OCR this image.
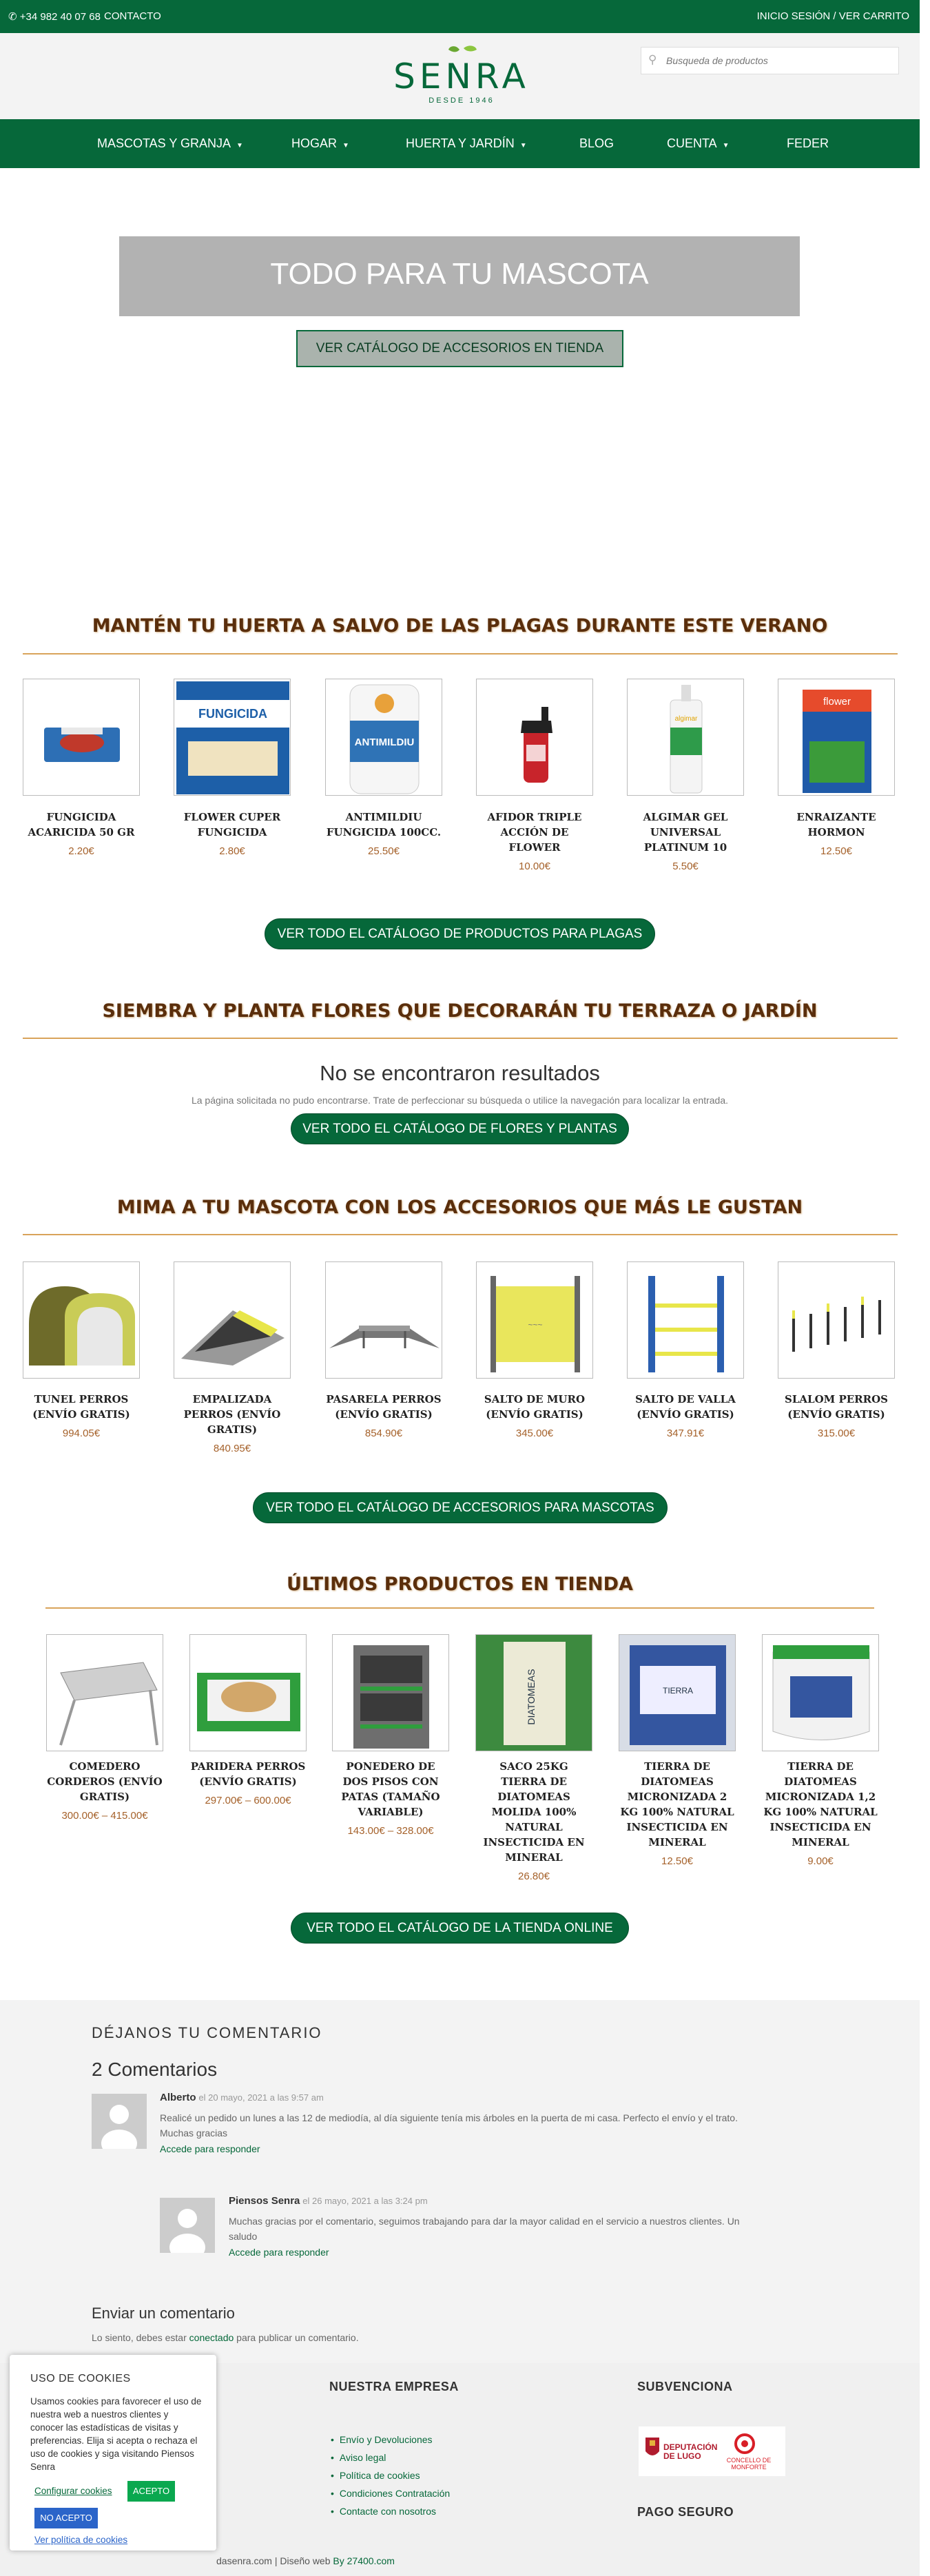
✆ +34 982 40 07 68 CONTACTO	INICIO SESIÓN / VER CARRITO
SENRA
DESDE 1946
⚲
Busqueda de productos
MASCOTAS Y GRANJA ▼	HOGAR ▼	HUERTA Y JARDÍN ▼	BLOG	CUENTA ▼	FEDER
TODO PARA TU MASCOTA
VER CATÁLOGO DE ACCESORIOS EN TIENDA
MANTÉN TU HUERTA A SALVO DE LAS PLAGAS DURANTE ESTE VERANO
VER TODO EL CATÁLOGO DE PRODUCTOS PARA PLAGAS
SIEMBRA Y PLANTA FLORES QUE DECORARÁN TU TERRAZA O JARDÍN
No se encontraron resultados
La página solicitada no pudo encontrarse. Trate de perfeccionar su búsqueda o utilice la navegación para localizar la entrada.
VER TODO EL CATÁLOGO DE FLORES Y PLANTAS
MIMA A TU MASCOTA CON LOS ACCESORIOS QUE MÁS LE GUSTAN
VER TODO EL CATÁLOGO DE ACCESORIOS PARA MASCOTAS
ÚLTIMOS PRODUCTOS EN TIENDA
VER TODO EL CATÁLOGO DE LA TIENDA ONLINE
DÉJANOS TU COMENTARIO
2 Comentarios
Alberto el 20 mayo, 2021 a las 9:57 am
Realicé un pedido un lunes a las 12 de mediodía, al día siguiente tenía mis árboles en la puerta de mi casa. Perfecto el envío y el trato. Muchas gracias
Accede para responder
Piensos Senra el 26 mayo, 2021 a las 3:24 pm
Muchas gracias por el comentario, seguimos trabajando para dar la mayor calidad en el servicio a nuestros clientes. Un saludo
Accede para responder
Enviar un comentario
Lo siento, debes estar conectado para publicar un comentario.
NUESTRA EMPRESA	SUBVENCIONA
DEPUTACIÓN DE LUGO	CONCELLO DE MONFORTE
PAGO SEGURO
dasenra.com | Diseño web By 27400.com
USO DE COOKIES
Usamos cookies para favorecer el uso de nuestra web a nuestros clientes y conocer las estadísticas de visitas y preferencias. Elija si acepta o rechaza el uso de cookies y siga visitando Piensos Senra
Configurar cookies	ACEPTO
NO ACEPTO
Ver política de cookies
FUNGICIDA ACARICIDA 50 GR
2.20€
FUNGICIDA
FLOWER CUPER FUNGICIDA
2.80€
ANTIMILDIU
ANTIMILDIU FUNGICIDA 100CC.
25.50€
AFIDOR TRIPLE ACCIÓN DE FLOWER
10.00€
algimar
ALGIMAR GEL UNIVERSAL PLATINUM 10
5.50€
flower
ENRAIZANTE HORMON
12.50€
TUNEL PERROS (ENVÍO GRATIS)
994.05€
EMPALIZADA PERROS (ENVÍO GRATIS)
840.95€
PASARELA PERROS (ENVÍO GRATIS)
854.90€
~~~
SALTO DE MURO (ENVÍO GRATIS)
345.00€
SALTO DE VALLA (ENVÍO GRATIS)
347.91€
SLALOM PERROS (ENVÍO GRATIS)
315.00€
COMEDERO CORDEROS (ENVÍO GRATIS)
300.00€ – 415.00€
PARIDERA PERROS (ENVÍO GRATIS)
297.00€ – 600.00€
PONEDERO DE DOS PISOS CON PATAS (TAMAÑO VARIABLE)
143.00€ – 328.00€
DIATOMEAS
SACO 25KG TIERRA DE DIATOMEAS MOLIDA 100% NATURAL INSECTICIDA EN MINERAL
26.80€
TIERRA
TIERRA DE DIATOMEAS MICRONIZADA 2 KG 100% NATURAL INSECTICIDA EN MINERAL
12.50€
TIERRA DE DIATOMEAS MICRONIZADA 1,2 KG 100% NATURAL INSECTICIDA EN MINERAL
9.00€
• Envío y Devoluciones
• Aviso legal
• Política de cookies
• Condiciones Contratación
• Contacte con nosotros
